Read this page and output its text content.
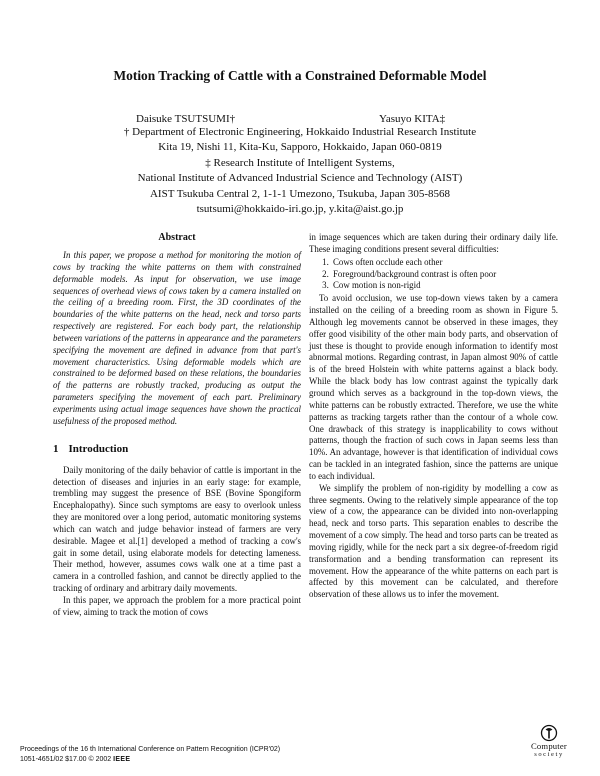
Motion Tracking of Cattle with a Constrained Deformable Model
Daisuke TSUTSUMI†	Yasuyo KITA‡
† Department of Electronic Engineering, Hokkaido Industrial Research Institute
Kita 19, Nishi 11, Kita-Ku, Sapporo, Hokkaido, Japan 060-0819
‡ Research Institute of Intelligent Systems,
National Institute of Advanced Industrial Science and Technology (AIST)
AIST Tsukuba Central 2, 1-1-1 Umezono, Tsukuba, Japan 305-8568
tsutsumi@hokkaido-iri.go.jp, y.kita@aist.go.jp
Abstract

In this paper, we propose a method for monitoring the motion of cows by tracking the white patterns on them with constrained deformable models. As input for observation, we use image sequences of overhead views of cows taken by a camera installed on the ceiling of a breeding room. First, the 3D coordinates of the boundaries of the white patterns on the head, neck and torso parts respectively are registered. For each body part, the relationship between variations of the patterns in appearance and the parameters specifying the movement are defined in advance from that part's movement characteristics. Using deformable models which are constrained to be deformed based on these relations, the boundaries of the patterns are robustly tracked, producing as output the parameters specifying the movement of each part. Preliminary experiments using actual image sequences have shown the practical usefulness of the proposed method.

1 Introduction

Daily monitoring of the daily behavior of cattle is important in the detection of diseases and injuries in an early stage: for example, trembling may suggest the presence of BSE (Bovine Spongiform Encephalopathy). Since such symptoms are easy to overlook unless they are monitored over a long period, automatic monitoring systems which can watch and judge behavior instead of farmers are very desirable. Magee et al.[1] developed a method of tracking a cow's gait in some detail, using elaborate models for detecting lameness. Their method, however, assumes cows walk one at a time past a camera in a controlled fashion, and cannot be directly applied to the tracking of ordinary and arbitrary daily movements.

In this paper, we approach the problem for a more practical point of view, aiming to track the motion of cows

in image sequences which are taken during their ordinary daily life. These imaging conditions present several difficulties:

1. Cows often occlude each other
2. Foreground/background contrast is often poor
3. Cow motion is non-rigid

To avoid occlusion, we use top-down views taken by a camera installed on the ceiling of a breeding room as shown in Figure 5. Although leg movements cannot be observed in these images, they offer good visibility of the other main body parts, and observation of just these is thought to provide enough information to identify most abnormal motions. Regarding contrast, in Japan almost 90% of cattle is of the breed Holstein with white patterns against a black body. While the black body has low contrast against the typically dark ground which serves as a background in the top-down views, the white patterns can be robustly extracted. Therefore, we use the white patterns as tracking targets rather than the contour of a whole cow. One drawback of this strategy is inapplicability to cows without patterns, though the fraction of such cows in Japan seems less than 10%. An advantage, however is that identification of individual cows can be tackled in an integrated fashion, since the patterns are unique to each individual.

We simplify the problem of non-rigidity by modelling a cow as three segments. Owing to the relatively simple appearance of the top view of a cow, the appearance can be divided into non-overlapping head, neck and torso parts. This separation enables to describe the movement of a cow simply. The head and torso parts can be treated as moving rigidly, while for the neck part a six degree-of-freedom rigid transformation and a bending transformation can represent its movement. How the appearance of the white patterns on each part is affected by this movement can be calculated, and therefore observation of these allows us to infer the movement.

Proceedings of the 16 th International Conference on Pattern Recognition (ICPR'02)
1051-4651/02 $17.00 © 2002 IEEE
Computer
society
